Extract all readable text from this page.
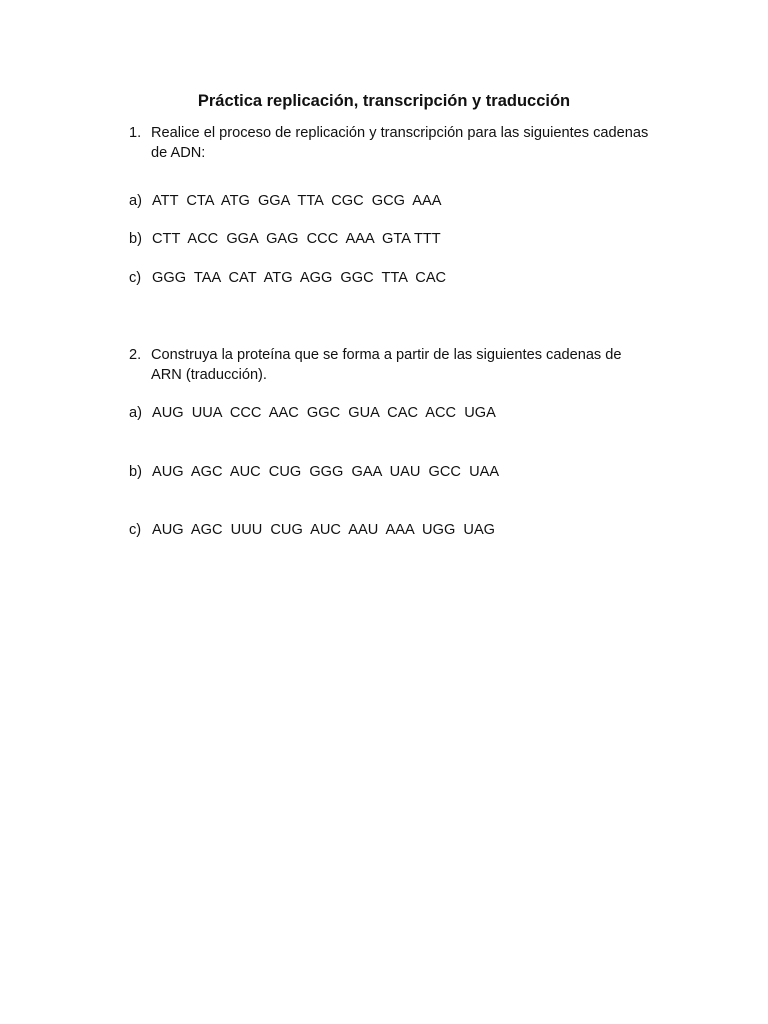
Práctica replicación, transcripción y traducción
1. Realice el proceso de replicación y transcripción para las siguientes cadenas de ADN:

a)

ATT  CTA  ATG  GGA  TTA  CGC  GCG  AAA

b)

CTT  ACC  GGA  GAG  CCC  AAA  GTA TTT

c)

GGG  TAA  CAT  ATG  AGG  GGC  TTA  CAC

2. Construya la proteína que se forma a partir de las siguientes cadenas de ARN (traducción).

a)

AUG  UUA  CCC  AAC  GGC  GUA  CAC  ACC  UGA

b)

AUG  AGC  AUC  CUG  GGG  GAA  UAU  GCC  UAA

c)

AUG  AGC  UUU  CUG  AUC  AAU  AAA  UGG  UAG
